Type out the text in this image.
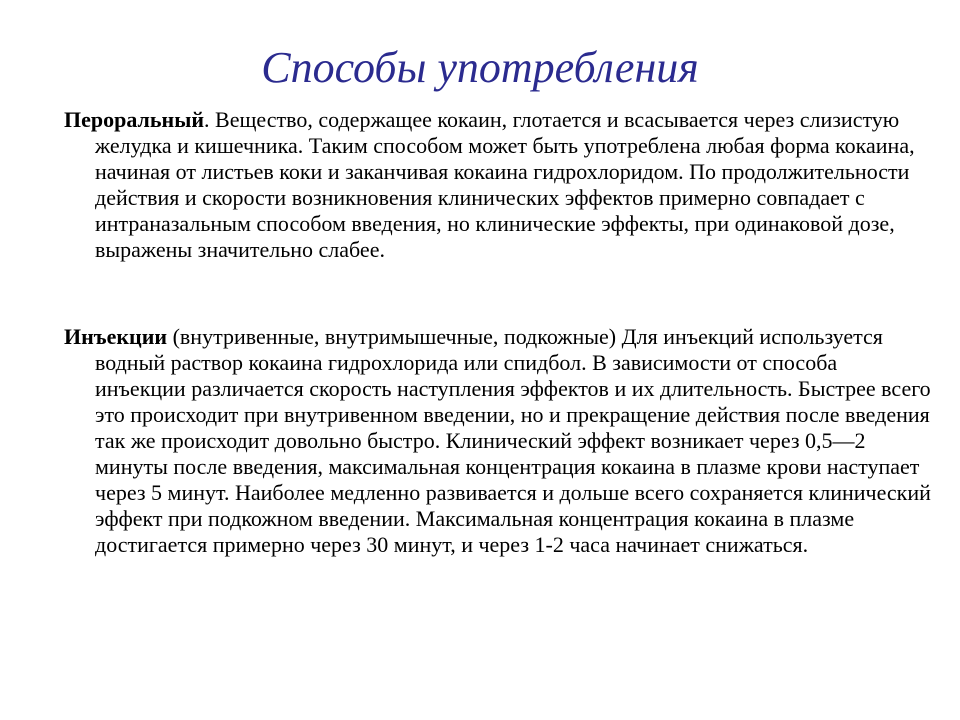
Способы употребления

Пероральный. Вещество, содержащее кокаин, глотается и всасывается через слизистую желудка и кишечника. Таким способом может быть употреблена любая форма кокаина, начиная от листьев коки и заканчивая кокаина гидрохлоридом. По продолжительности действия и скорости возникновения клинических эффектов примерно совпадает с интраназальным способом введения, но клинические эффекты, при одинаковой дозе, выражены значительно слабее.

Инъекции (внутривенные, внутримышечные, подкожные) Для инъекций используется водный раствор кокаина гидрохлорида или спидбол. В зависимости от способа инъекции различается скорость наступления эффектов и их длительность. Быстрее всего это происходит при внутривенном введении, но и прекращение действия после введения так же происходит довольно быстро. Клинический эффект возникает через 0,5—2 минуты после введения, максимальная концентрация кокаина в плазме крови наступает через 5 минут. Наиболее медленно развивается и дольше всего сохраняется клинический эффект при подкожном введении. Максимальная концентрация кокаина в плазме достигается примерно через 30 минут, и через 1-2 часа начинает снижаться.
